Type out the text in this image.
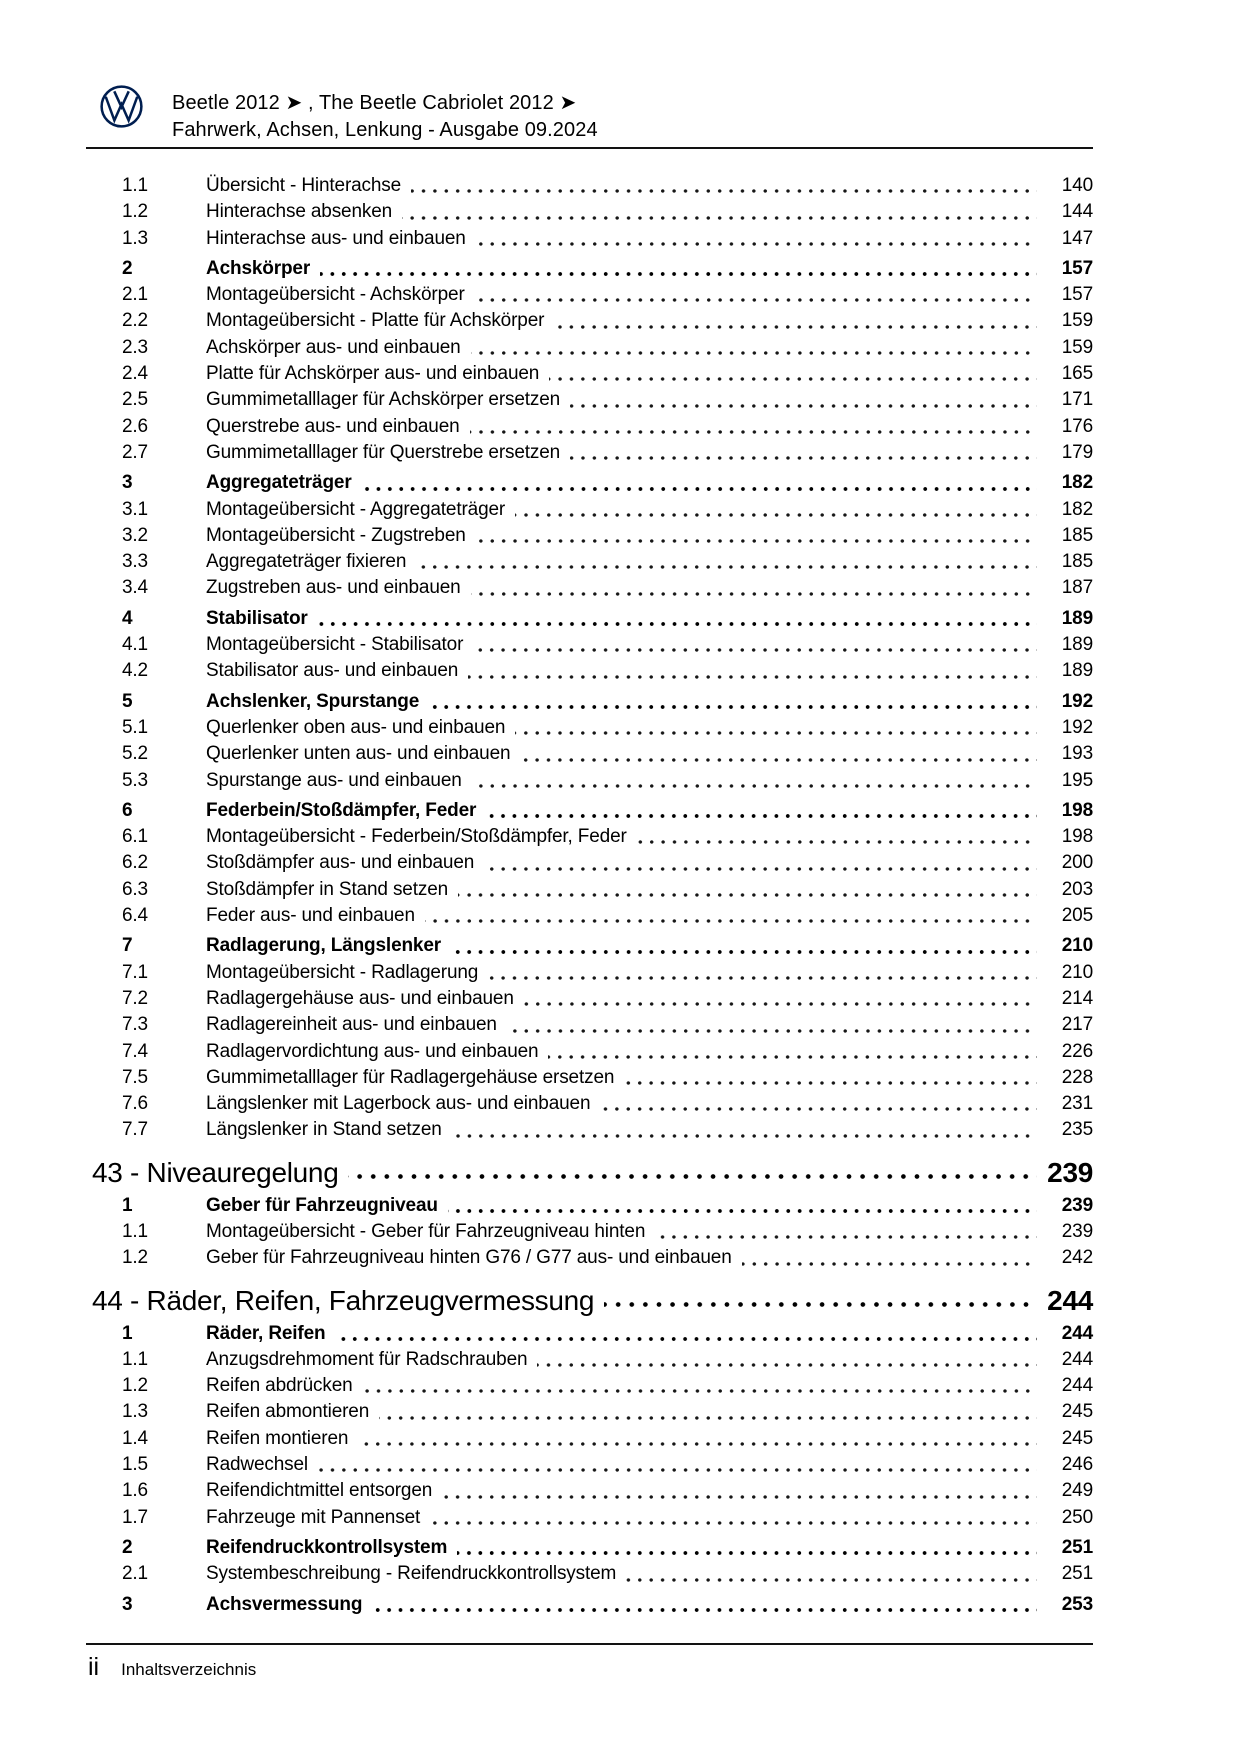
Beetle 2012 ➤ , The Beetle Cabriolet 2012 ➤
Fahrwerk, Achsen, Lenkung - Ausgabe 09.2024
1.1	Übersicht - Hinterachse	140
1.2	Hinterachse absenken	144
1.3	Hinterachse aus- und einbauen	147
2	Achskörper	157
2.1	Montageübersicht - Achskörper	157
2.2	Montageübersicht - Platte für Achskörper	159
2.3	Achskörper aus- und einbauen	159
2.4	Platte für Achskörper aus- und einbauen	165
2.5	Gummimetalllager für Achskörper ersetzen	171
2.6	Querstrebe aus- und einbauen	176
2.7	Gummimetalllager für Querstrebe ersetzen	179
3	Aggregateträger	182
3.1	Montageübersicht - Aggregateträger	182
3.2	Montageübersicht - Zugstreben	185
3.3	Aggregateträger fixieren	185
3.4	Zugstreben aus- und einbauen	187
4	Stabilisator	189
4.1	Montageübersicht - Stabilisator	189
4.2	Stabilisator aus- und einbauen	189
5	Achslenker, Spurstange	192
5.1	Querlenker oben aus- und einbauen	192
5.2	Querlenker unten aus- und einbauen	193
5.3	Spurstange aus- und einbauen	195
6	Federbein/Stoßdämpfer, Feder	198
6.1	Montageübersicht - Federbein/Stoßdämpfer, Feder	198
6.2	Stoßdämpfer aus- und einbauen	200
6.3	Stoßdämpfer in Stand setzen	203
6.4	Feder aus- und einbauen	205
7	Radlagerung, Längslenker	210
7.1	Montageübersicht - Radlagerung	210
7.2	Radlagergehäuse aus- und einbauen	214
7.3	Radlagereinheit aus- und einbauen	217
7.4	Radlagervordichtung aus- und einbauen	226
7.5	Gummimetalllager für Radlagergehäuse ersetzen	228
7.6	Längslenker mit Lagerbock aus- und einbauen	231
7.7	Längslenker in Stand setzen	235
43 - Niveauregelung	239
1	Geber für Fahrzeugniveau	239
1.1	Montageübersicht - Geber für Fahrzeugniveau hinten	239
1.2	Geber für Fahrzeugniveau hinten G76 / G77 aus- und einbauen	242
44 - Räder, Reifen, Fahrzeugvermessung	244
1	Räder, Reifen	244
1.1	Anzugsdrehmoment für Radschrauben	244
1.2	Reifen abdrücken	244
1.3	Reifen abmontieren	245
1.4	Reifen montieren	245
1.5	Radwechsel	246
1.6	Reifendichtmittel entsorgen	249
1.7	Fahrzeuge mit Pannenset	250
2	Reifendruckkontrollsystem	251
2.1	Systembeschreibung - Reifendruckkontrollsystem	251
3	Achsvermessung	253
ii Inhaltsverzeichnis
